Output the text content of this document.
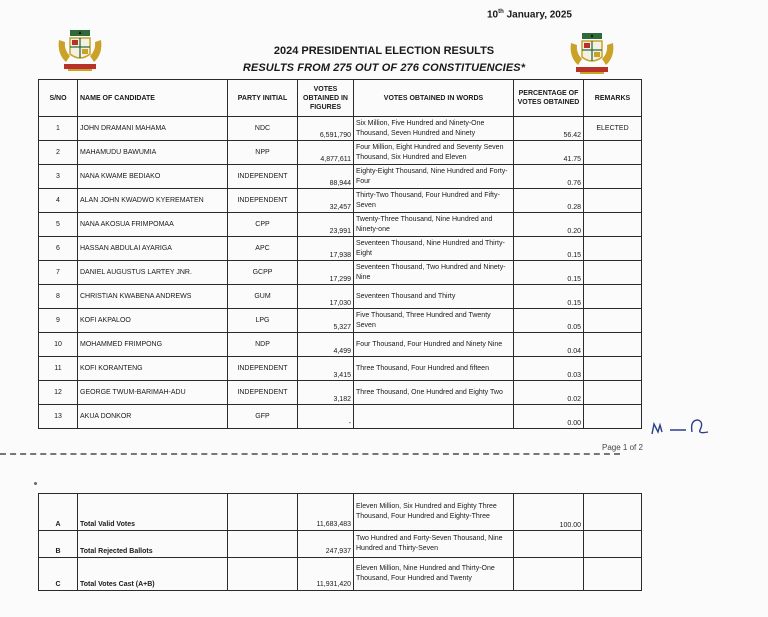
10th January, 2025
2024 PRESIDENTIAL ELECTION RESULTS
RESULTS FROM 275 OUT OF 276 CONSTITUENCIES*
S/NO	NAME OF CANDIDATE	PARTY INITIAL	VOTES OBTAINED IN FIGURES	VOTES OBTAINED IN WORDS	PERCENTAGE OF VOTES OBTAINED	REMARKS
1	JOHN DRAMANI MAHAMA	NDC	6,591,790	Six Million, Five Hundred and Ninety-One Thousand, Seven Hundred and Ninety	56.42	ELECTED
2	MAHAMUDU BAWUMIA	NPP	4,877,611	Four Million, Eight Hundred and Seventy Seven Thousand, Six Hundred and Eleven	41.75	
3	NANA KWAME BEDIAKO	INDEPENDENT	88,944	Eighty-Eight Thousand, Nine Hundred and Forty-Four	0.76	
4	ALAN JOHN KWADWO KYEREMATEN	INDEPENDENT	32,457	Thirty-Two Thousand, Four Hundred and Fifty-Seven	0.28	
5	NANA AKOSUA FRIMPOMAA	CPP	23,991	Twenty-Three Thousand, Nine Hundred and Ninety-one	0.20	
6	HASSAN ABDULAI AYARIGA	APC	17,938	Seventeen Thousand, Nine Hundred and Thirty-Eight	0.15	
7	DANIEL AUGUSTUS LARTEY JNR.	GCPP	17,299	Seventeen Thousand, Two Hundred and Ninety-Nine	0.15	
8	CHRISTIAN KWABENA ANDREWS	GUM	17,030	Seventeen Thousand and Thirty	0.15	
9	KOFI AKPALOO	LPG	5,327	Five Thousand, Three Hundred and Twenty Seven	0.05	
10	MOHAMMED FRIMPONG	NDP	4,499	Four Thousand, Four Hundred and Ninety Nine	0.04	
11	KOFI KORANTENG	INDEPENDENT	3,415	Three Thousand, Four Hundred and fifteen	0.03	
12	GEORGE TWUM-BARIMAH-ADU	INDEPENDENT	3,182	Three Thousand, One Hundred and Eighty Two	0.02	
13	AKUA DONKOR	GFP	-		0.00	
Page 1 of 2
A	Total Valid Votes		11,683,483	Eleven Million, Six Hundred and Eighty Three Thousand, Four Hundred and Eighty-Three	100.00	
B	Total Rejected Ballots		247,937	Two Hundred and Forty-Seven Thousand, Nine Hundred and Thirty-Seven		
C	Total Votes Cast (A+B)		11,931,420	Eleven Million, Nine Hundred and Thirty-One Thousand, Four Hundred and Twenty		
